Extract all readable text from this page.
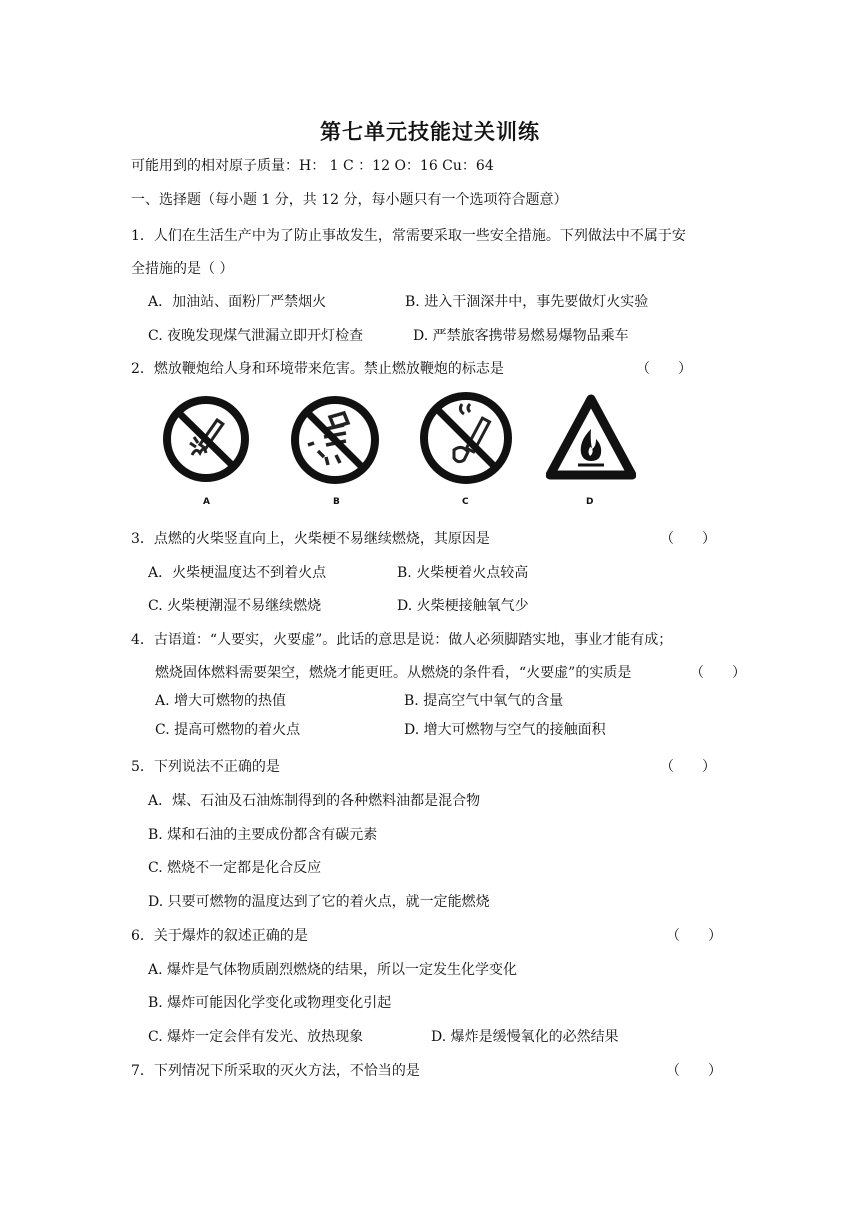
第七单元技能过关训练
可能用到的相对原子质量：H： 1 C ：12 O：16 Cu：64
一、选择题（每小题 1 分，共 12 分，每小题只有一个选项符合题意）
1．人们在生活生产中为了防止事故发生，常需要采取一些安全措施。下列做法中不属于安
全措施的是（ ）
A．加油站、面粉厂严禁烟火	B. 进入干涸深井中，事先要做灯火实验
C. 夜晚发现煤气泄漏立即开灯检查	D. 严禁旅客携带易燃易爆物品乘车
2．燃放鞭炮给人身和环境带来危害。禁止燃放鞭炮的标志是	（　　）
A	B	C	D
3．点燃的火柴竖直向上，火柴梗不易继续燃烧，其原因是	（　　）
A．火柴梗温度达不到着火点	B. 火柴梗着火点较高
C. 火柴梗潮湿不易继续燃烧	D. 火柴梗接触氧气少
4．古语道：“人要实，火要虚”。此话的意思是说：做人必须脚踏实地，事业才能有成；
燃烧固体燃料需要架空，燃烧才能更旺。从燃烧的条件看，“火要虚”的实质是	（　　）
A. 增大可燃物的热值	B. 提高空气中氧气的含量
C. 提高可燃物的着火点	D. 增大可燃物与空气的接触面积
5．下列说法不正确的是	（　　）
A．煤、石油及石油炼制得到的各种燃料油都是混合物
B. 煤和石油的主要成份都含有碳元素
C. 燃烧不一定都是化合反应
D. 只要可燃物的温度达到了它的着火点，就一定能燃烧
6．关于爆炸的叙述正确的是	（　　）
A. 爆炸是气体物质剧烈燃烧的结果，所以一定发生化学变化
B. 爆炸可能因化学变化或物理变化引起
C. 爆炸一定会伴有发光、放热现象	D. 爆炸是缓慢氧化的必然结果
7．下列情况下所采取的灭火方法，不恰当的是	（　　）
